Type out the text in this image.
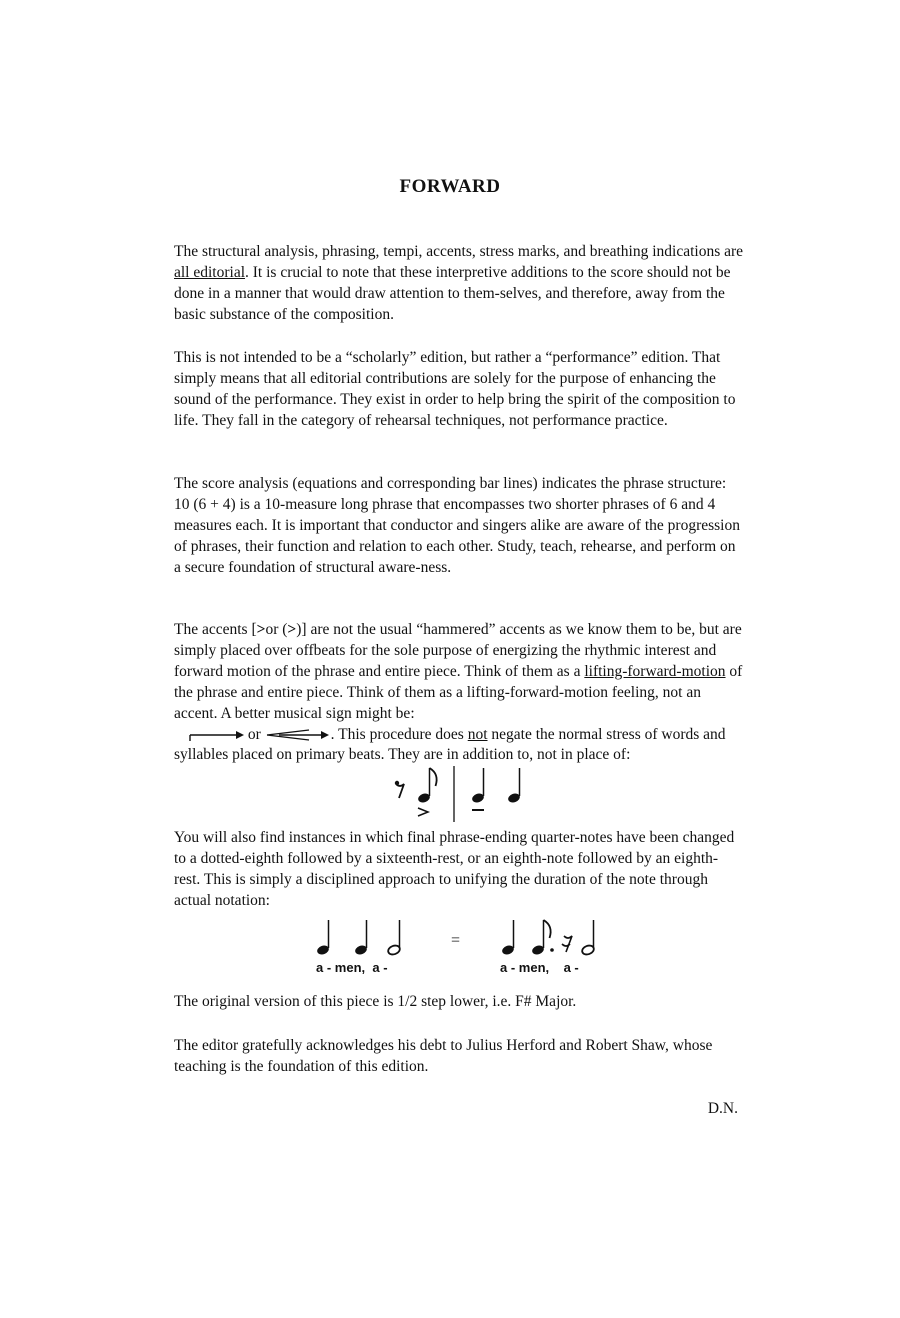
FORWARD

The structural analysis, phrasing, tempi, accents, stress marks, and breathing indications are all editorial. It is crucial to note that these interpretive additions to the score should not be done in a manner that would draw attention to them-selves, and therefore, away from the basic substance of the composition.

This is not intended to be a “scholarly” edition, but rather a “performance” edition. That simply means that all editorial contributions are solely for the purpose of enhancing the sound of the performance. They exist in order to help bring the spirit of the composition to life. They fall in the category of rehearsal techniques, not performance practice.

The score analysis (equations and corresponding bar lines) indicates the phrase structure: 10 (6 + 4) is a 10-measure long phrase that encompasses two shorter phrases of 6 and 4 measures each. It is important that conductor and singers alike are aware of the progression of phrases, their function and relation to each other. Study, teach, rehearse, and perform on a secure foundation of structural aware-ness.

The accents [>or (>)] are not the usual “hammered” accents as we know them to be, but are simply placed over offbeats for the sole purpose of energizing the rhythmic interest and forward motion of the phrase and entire piece. Think of them as a lifting-forward-motion of the phrase and entire piece. Think of them as a lifting-forward-motion feeling, not an accent. A better musical sign might be:
or	. This procedure does not negate the normal stress of words and syllables placed on primary beats. They are in addition to, not in place of:

You will also find instances in which final phrase-ending quarter-notes have been changed to a dotted-eighth followed by a sixteenth-rest, or an eighth-note followed by an eighth-rest. This is simply a disciplined approach to unifying the duration of the note through actual notation:

=
a - men,  a -	a - men,    a -

The original version of this piece is 1/2 step lower, i.e. F# Major.

The editor gratefully acknowledges his debt to Julius Herford and Robert Shaw, whose teaching is the foundation of this edition.

D.N.
